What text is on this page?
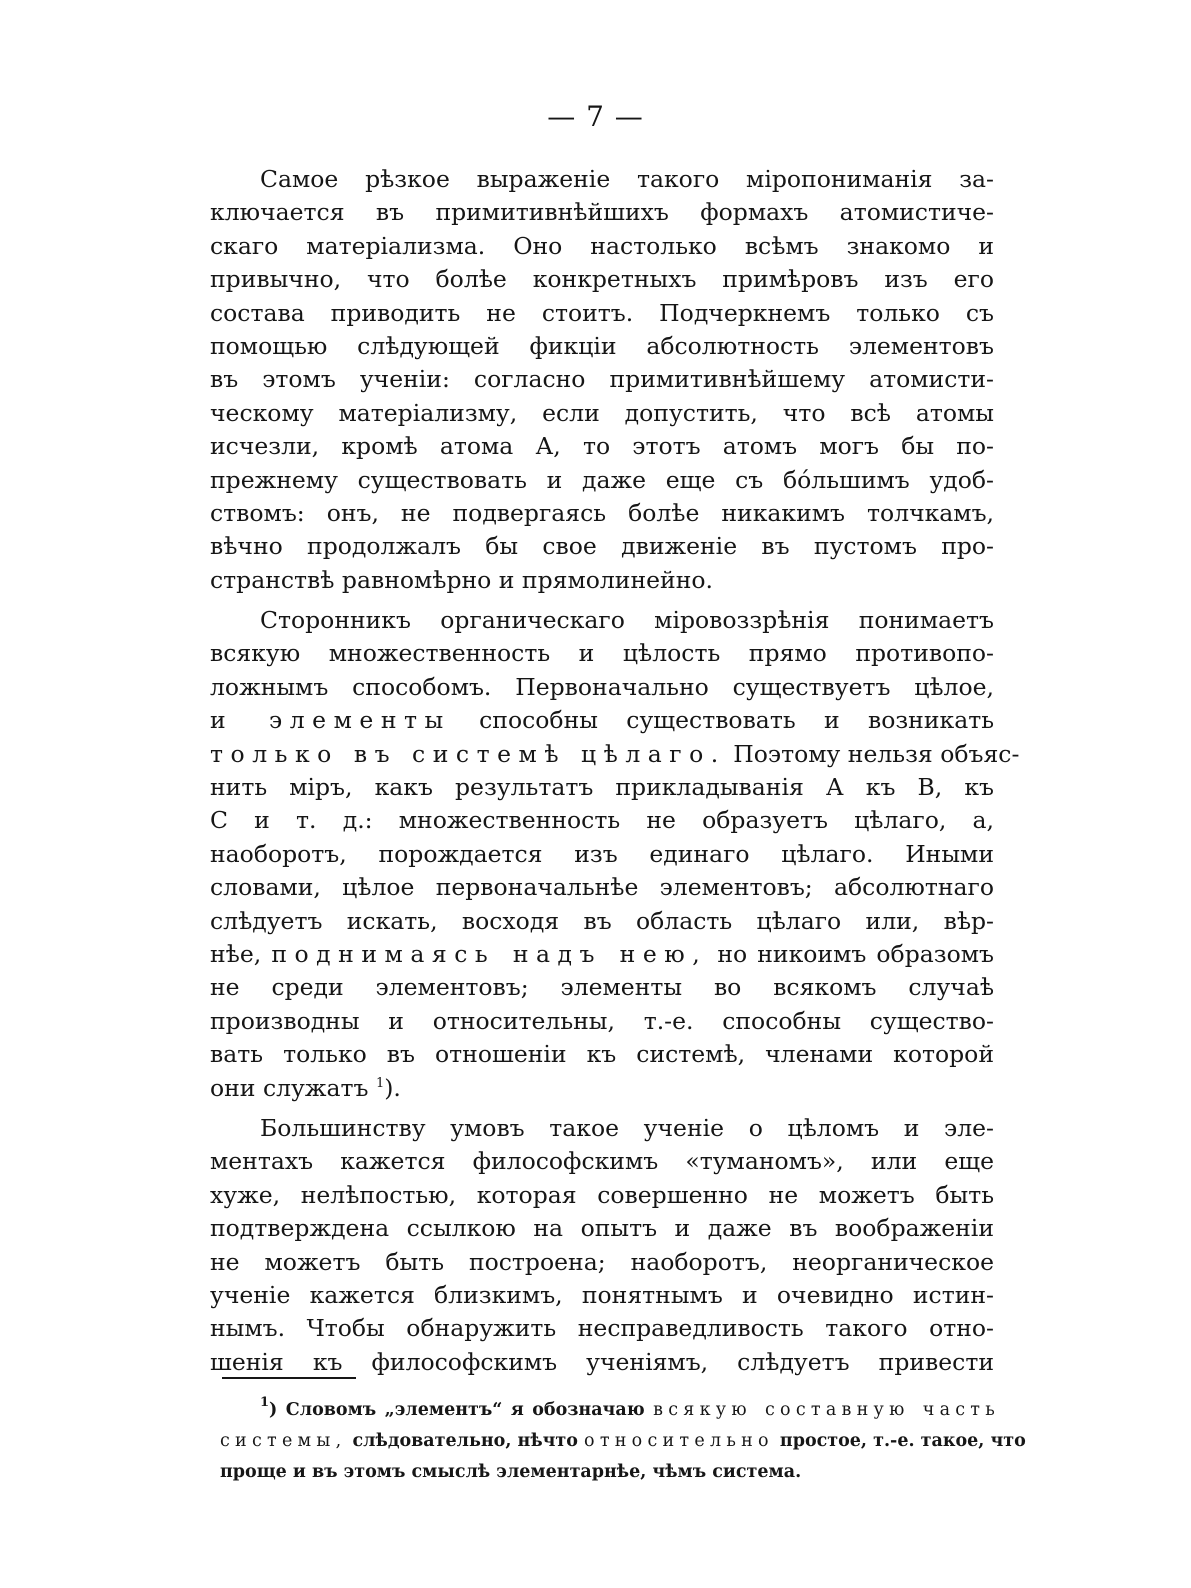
— 7 —
Самое рѣзкое выраженіе такого міропониманія за-
ключается въ примитивнѣйшихъ формахъ атомистиче-
скаго матеріализма. Оно настолько всѣмъ знакомо и
привычно, что болѣе конкретныхъ примѣровъ изъ его
состава приводить не стоитъ. Подчеркнемъ только съ
помощью слѣдующей фикціи абсолютность элементовъ
въ этомъ ученіи: согласно примитивнѣйшему атомисти-
ческому матеріализму, если допустить, что всѣ атомы
исчезли, кромѣ атома А, то этотъ атомъ могъ бы по-
прежнему существовать и даже еще съ бóльшимъ удоб-
ствомъ: онъ, не подвергаясь болѣе никакимъ толчкамъ,
вѣчно продолжалъ бы свое движеніе въ пустомъ про-
странствѣ равномѣрно и прямолинейно.
Сторонникъ органическаго міровоззрѣнія понимаетъ
всякую множественность и цѣлость прямо противопо-
ложнымъ способомъ. Первоначально существуетъ цѣлое,
и элементы способны существовать и возникать
только въ системѣ цѣлаго. Поэтому нельзя объяс-
нить міръ, какъ результатъ прикладыванія А къ В, къ
С и т. д.: множественность не образуетъ цѣлаго, а,
наоборотъ, порождается изъ единаго цѣлаго. Иными
словами, цѣлое первоначальнѣе элементовъ; абсолютнаго
слѣдуетъ искать, восходя въ область цѣлаго или, вѣр-
нѣе, поднимаясь надъ нею, но никоимъ образомъ
не среди элементовъ; элементы во всякомъ случаѣ
производны и относительны, т.-е. способны существо-
вать только въ отношеніи къ системѣ, членами которой
они служатъ $^1$).
Большинству умовъ такое ученіе о цѣломъ и эле-
ментахъ кажется философскимъ «туманомъ», или еще
хуже, нелѣпостью, которая совершенно не можетъ быть
подтверждена ссылкою на опытъ и даже въ воображеніи
не можетъ быть построена; наоборотъ, неорганическое
ученіе кажется близкимъ, понятнымъ и очевидно истин-
нымъ. Чтобы обнаружить несправедливость такого отно-
шенія къ философскимъ ученіямъ, слѣдуетъ привести
$^1$) Словомъ „элементъ“ я обозначаю всякую составную часть
системы, слѣдовательно, нѣчто относительно простое, т.-е. такое, что
проще и въ этомъ смыслѣ элементарнѣе, чѣмъ система.
